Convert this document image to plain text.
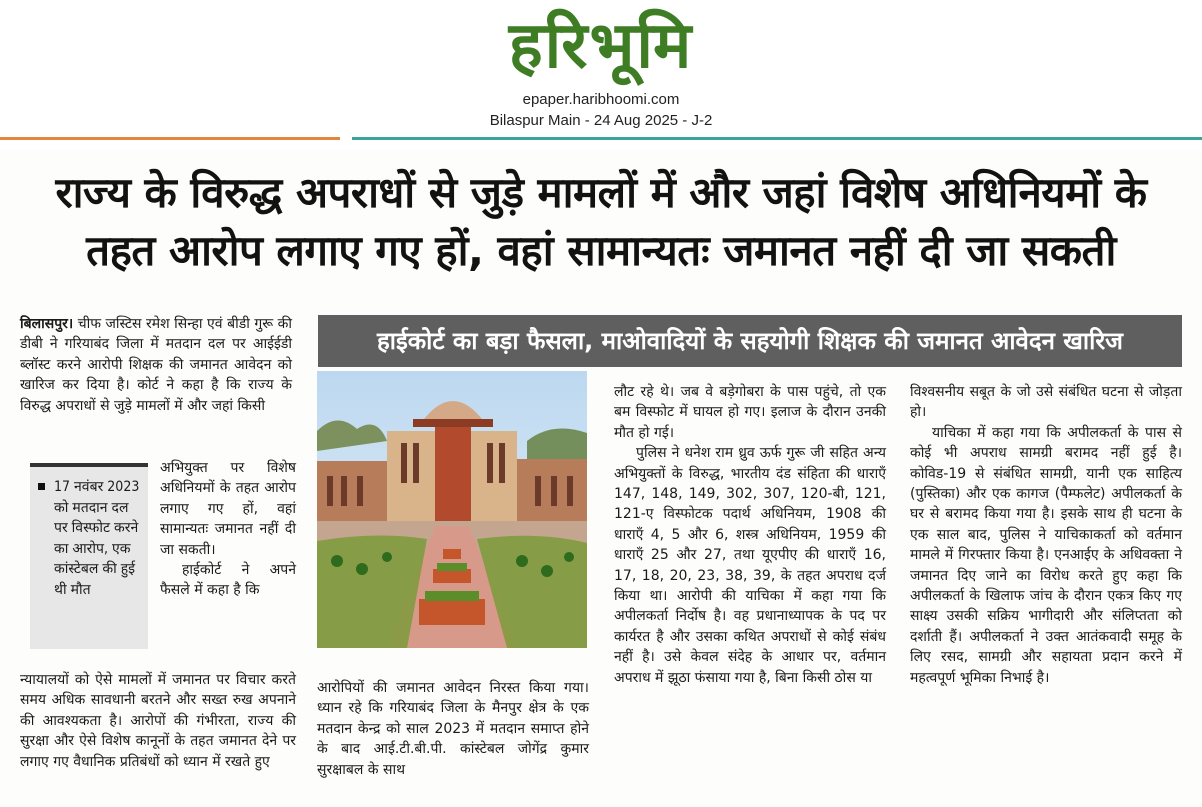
हरिभूमि
epaper.haribhoomi.com
Bilaspur Main - 24 Aug 2025 - J-2
राज्य के विरुद्ध अपराधों से जुड़े मामलों में और जहां विशेष अधिनियमों के
तहत आरोप लगाए गए हों, वहां सामान्यतः जमानत नहीं दी जा सकती

बिलासपुर। चीफ जस्टिस रमेश सिन्हा एवं बीडी गुरू की डीबी ने गरियाबंद जिला में मतदान दल पर आईईडी ब्लॉस्ट करने आरोपी शिक्षक की जमानत आवेदन को खारिज कर दिया है। कोर्ट ने कहा है कि राज्य के विरुद्ध अपराधों से जुड़े मामलों में और जहां किसी

17 नवंबर 2023 को मतदान दल पर विस्फोट करने का आरोप, एक कांस्टेबल की हुई थी मौत

अभियुक्त पर विशेष अधिनियमों के तहत आरोप लगाए गए हों, वहां सामान्यतः जमानत नहीं दी जा सकती।

हाईकोर्ट ने अपने फैसले में कहा है कि

न्यायालयों को ऐसे मामलों में जमानत पर विचार करते समय अधिक सावधानी बरतने और सख्त रुख अपनाने की आवश्यकता है। आरोपों की गंभीरता, राज्य की सुरक्षा और ऐसे विशेष कानूनों के तहत जमानत देने पर लगाए गए वैधानिक प्रतिबंधों को ध्यान में रखते हुए

हाईकोर्ट का बड़ा फैसला, माओवादियों के सहयोगी शिक्षक की जमानत आवेदन खारिज

आरोपियों की जमानत आवेदन निरस्त किया गया। ध्यान रहे कि गरियाबंद जिला के मैनपुर क्षेत्र के एक मतदान केन्द्र को साल 2023 में मतदान समाप्त होने के बाद आई.टी.बी.पी. कांस्टेबल जोगेंद्र कुमार सुरक्षाबल के साथ

लौट रहे थे। जब वे बड़ेगोबरा के पास पहुंचे, तो एक बम विस्फोट में घायल हो गए। इलाज के दौरान उनकी मौत हो गई।

पुलिस ने धनेश राम ध्रुव ऊर्फ गुरू जी सहित अन्य अभियुक्तों के विरुद्ध, भारतीय दंड संहिता की धाराएँ 147, 148, 149, 302, 307, 120-बी, 121, 121-ए विस्फोटक पदार्थ अधिनियम, 1908 की धाराएँ 4, 5 और 6, शस्त्र अधिनियम, 1959 की धाराएँ 25 और 27, तथा यूएपीए की धाराएँ 16, 17, 18, 20, 23, 38, 39, के तहत अपराध दर्ज किया था। आरोपी की याचिका में कहा गया कि अपीलकर्ता निर्दोष है। वह प्रधानाध्यापक के पद पर कार्यरत है और उसका कथित अपराधों से कोई संबंध नहीं है। उसे केवल संदेह के आधार पर, वर्तमान अपराध में झूठा फंसाया गया है, बिना किसी ठोस या

विश्वसनीय सबूत के जो उसे संबंधित घटना से जोड़ता हो।

याचिका में कहा गया कि अपीलकर्ता के पास से कोई भी अपराध सामग्री बरामद नहीं हुई है। कोविड-19 से संबंधित सामग्री, यानी एक साहित्य (पुस्तिका) और एक कागज (पैम्फलेट) अपीलकर्ता के घर से बरामद किया गया है। इसके साथ ही घटना के एक साल बाद, पुलिस ने याचिकाकर्ता को वर्तमान मामले में गिरफ्तार किया है। एनआईए के अधिवक्ता ने जमानत दिए जाने का विरोध करते हुए कहा कि अपीलकर्ता के खिलाफ जांच के दौरान एकत्र किए गए साक्ष्य उसकी सक्रिय भागीदारी और संलिप्तता को दर्शाती हैं। अपीलकर्ता ने उक्त आतंकवादी समूह के लिए रसद, सामग्री और सहायता प्रदान करने में महत्वपूर्ण भूमिका निभाई है।
